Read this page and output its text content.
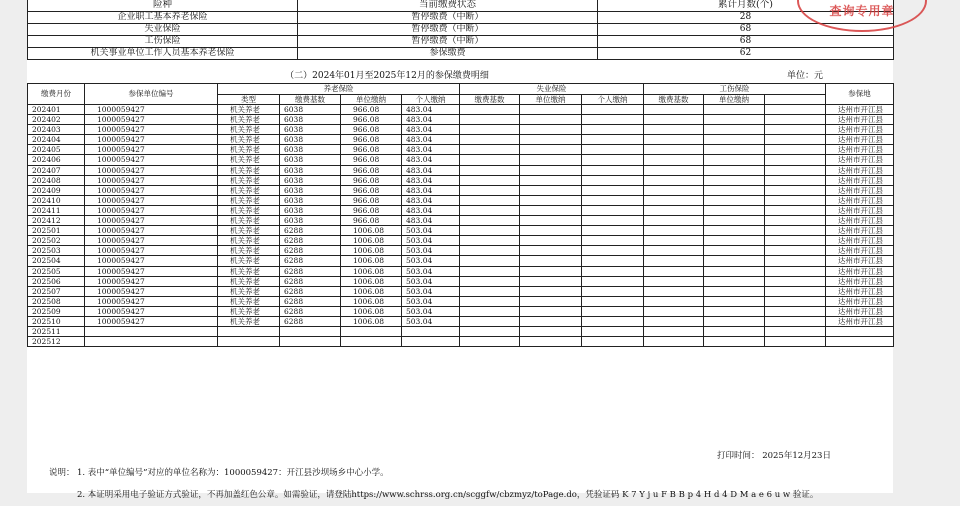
险种	当前缴费状态	累计月数(个)
企业职工基本养老保险	暂停缴费（中断）	28
失业保险	暂停缴费（中断）	68
工伤保险	暂停缴费（中断）	68
机关事业单位工作人员基本养老保险	参保缴费	62
（二）2024年01月至2025年12月的参保缴费明细	单位：元
缴费月份	参保单位编号	养老保险				失业保险			工伤保险			参保地
		类型	缴费基数	单位缴纳	个人缴纳	缴费基数	单位缴纳	个人缴纳	缴费基数	单位缴纳		
202401	1000059427	机关养老	6038	966.08	483.04							达州市开江县
202402	1000059427	机关养老	6038	966.08	483.04							达州市开江县
202403	1000059427	机关养老	6038	966.08	483.04							达州市开江县
202404	1000059427	机关养老	6038	966.08	483.04							达州市开江县
202405	1000059427	机关养老	6038	966.08	483.04							达州市开江县
202406	1000059427	机关养老	6038	966.08	483.04							达州市开江县
202407	1000059427	机关养老	6038	966.08	483.04							达州市开江县
202408	1000059427	机关养老	6038	966.08	483.04							达州市开江县
202409	1000059427	机关养老	6038	966.08	483.04							达州市开江县
202410	1000059427	机关养老	6038	966.08	483.04							达州市开江县
202411	1000059427	机关养老	6038	966.08	483.04							达州市开江县
202412	1000059427	机关养老	6038	966.08	483.04							达州市开江县
202501	1000059427	机关养老	6288	1006.08	503.04							达州市开江县
202502	1000059427	机关养老	6288	1006.08	503.04							达州市开江县
202503	1000059427	机关养老	6288	1006.08	503.04							达州市开江县
202504	1000059427	机关养老	6288	1006.08	503.04							达州市开江县
202505	1000059427	机关养老	6288	1006.08	503.04							达州市开江县
202506	1000059427	机关养老	6288	1006.08	503.04							达州市开江县
202507	1000059427	机关养老	6288	1006.08	503.04							达州市开江县
202508	1000059427	机关养老	6288	1006.08	503.04							达州市开江县
202509	1000059427	机关养老	6288	1006.08	503.04							达州市开江县
202510	1000059427	机关养老	6288	1006.08	503.04							达州市开江县
202511												
202512												
查询专用章
打印时间： 2025年12月23日
说明： 1. 表中“单位编号”对应的单位名称为：1000059427：开江县沙坝场乡中心小学。
2. 本证明采用电子验证方式验证，不再加盖红色公章。如需验证，请登陆https://www.schrss.org.cn/scggfw/cbzmyz/toPage.do，凭验证码 K 7 Y j u F B B p 4 H d 4 D M a e 6 u w 验证。
